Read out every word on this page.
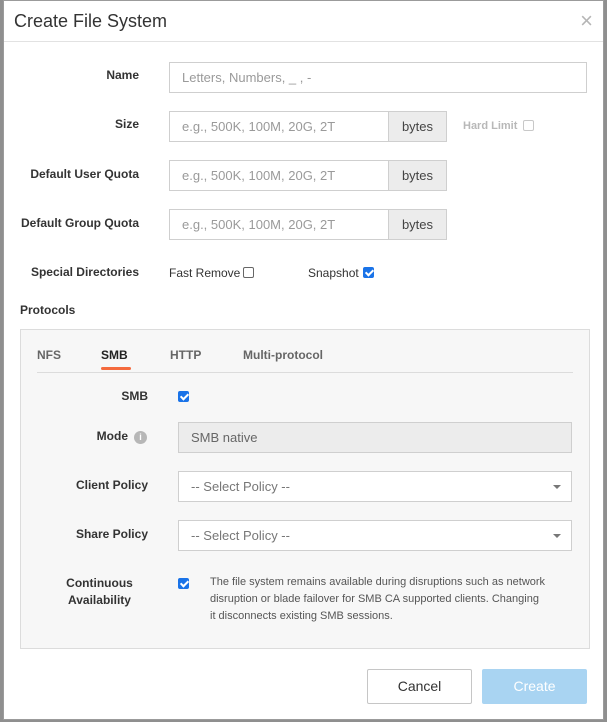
Create File System	×
Name	Letters, Numbers, _ , -
Size	e.g., 500K, 100M, 20G, 2T	bytes	Hard Limit
Default User Quota	e.g., 500K, 100M, 20G, 2T	bytes
Default Group Quota	e.g., 500K, 100M, 20G, 2T	bytes
Special Directories	Fast Remove	Snapshot
Protocols
NFS	SMB	HTTP	Multi-protocol
SMB
Mode	i	SMB native
Client Policy	-- Select Policy --
Share Policy	-- Select Policy --
Continuous
Availability
The file system remains available during disruptions such as network
disruption or blade failover for SMB CA supported clients. Changing
it disconnects existing SMB sessions.
Cancel	Create
